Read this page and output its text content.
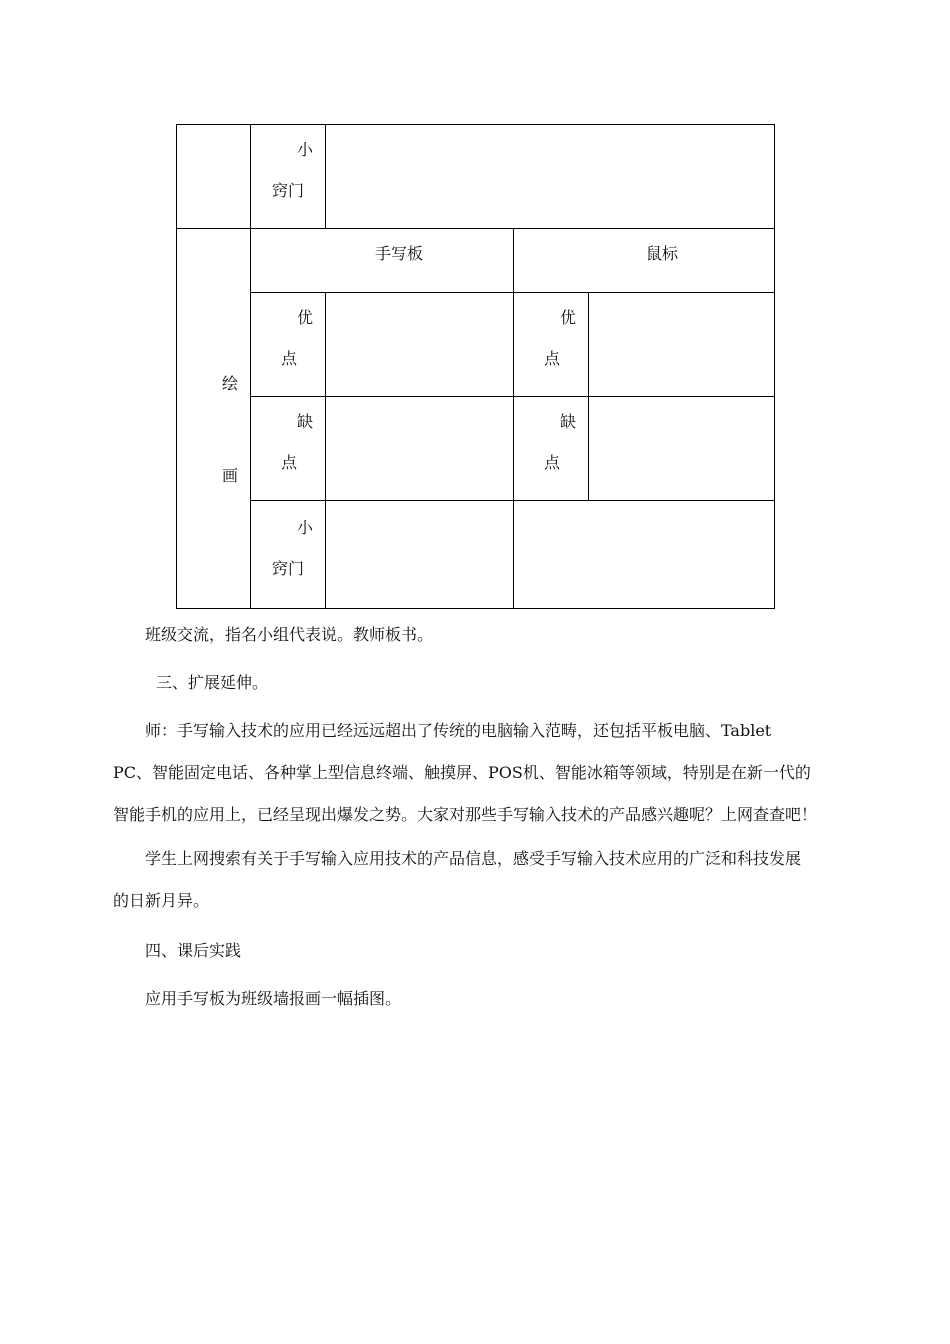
小
窍门
绘
画
手写板	鼠标
优
点
优
点
缺
点
缺
点
小
窍门
班级交流，指名小组代表说。教师板书。
三、扩展延伸。
师：手写输入技术的应用已经远远超出了传统的电脑输入范畴，还包括平板电脑、Tablet
PC、智能固定电话、各种掌上型信息终端、触摸屏、POS机、智能冰箱等领域，特别是在新一代的
智能手机的应用上，已经呈现出爆发之势。大家对那些手写输入技术的产品感兴趣呢？上网查查吧！
学生上网搜索有关于手写输入应用技术的产品信息，感受手写输入技术应用的广泛和科技发展
的日新月异。
四、课后实践
应用手写板为班级墙报画一幅插图。
